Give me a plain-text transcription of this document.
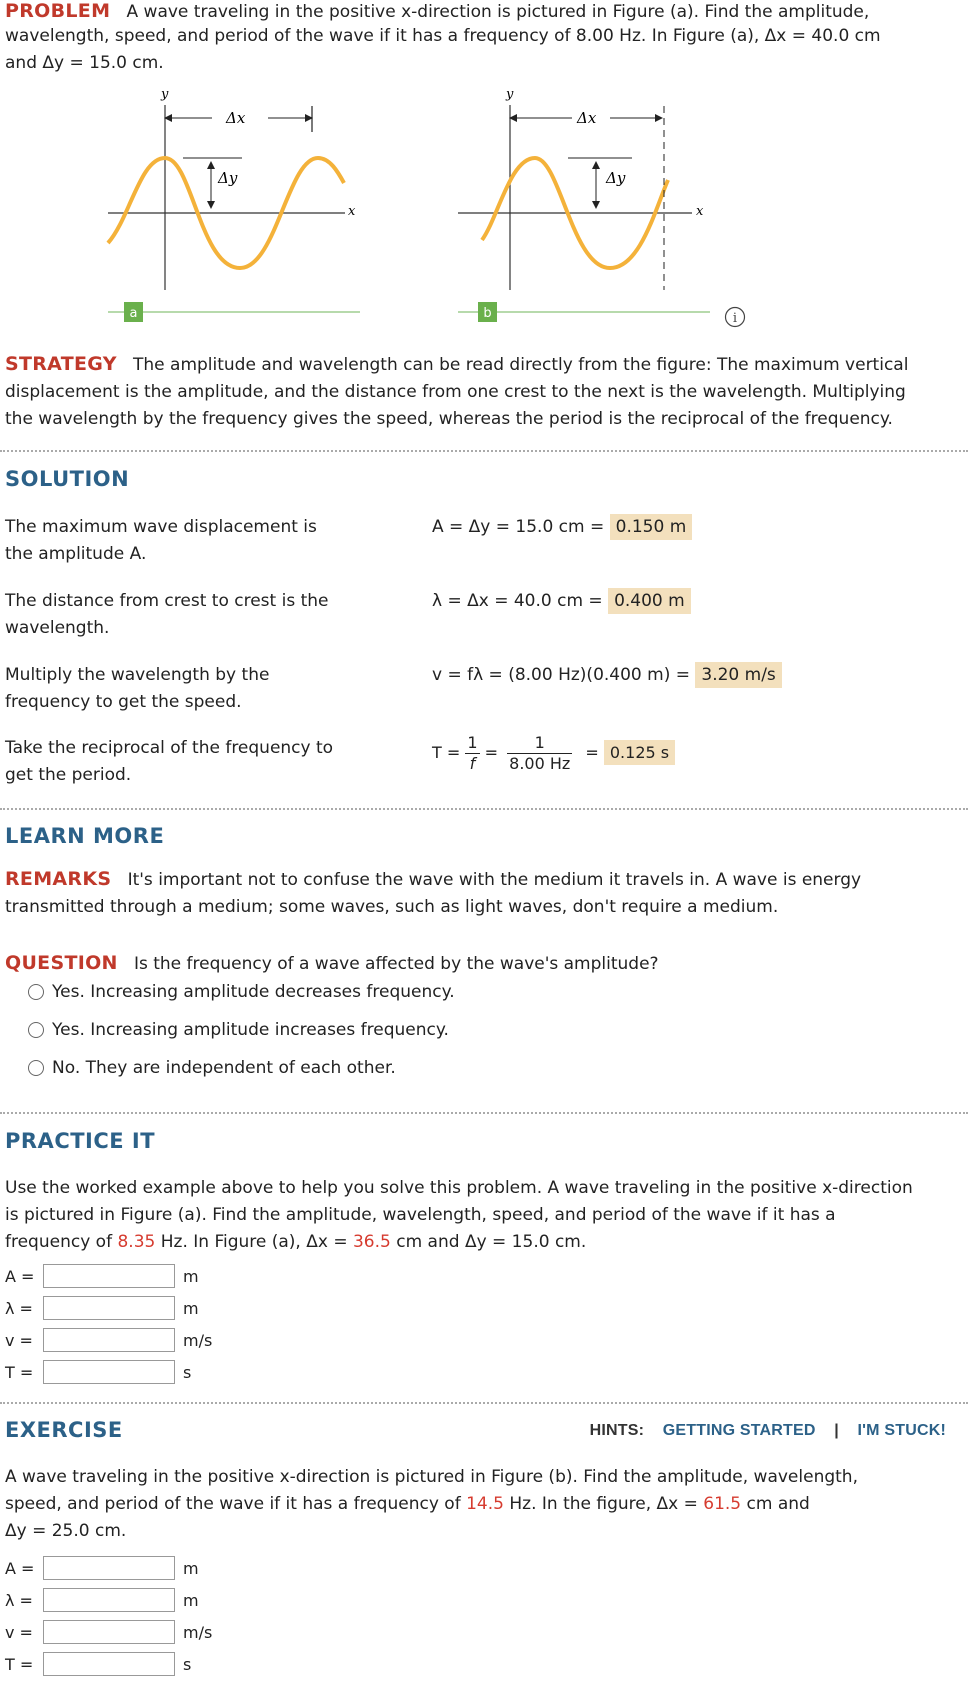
PROBLEM A wave traveling in the positive x-direction is pictured in Figure (a). Find the amplitude,

wavelength, speed, and period of the wave if it has a frequency of 8.00 Hz. In Figure (a), Δx = 40.0 cm

and Δy = 15.0 cm.

y
x
Δx
Δy
y
x
Δx
Δy
a	b	i

STRATEGY The amplitude and wavelength can be read directly from the figure: The maximum vertical

displacement is the amplitude, and the distance from one crest to the next is the wavelength. Multiplying

the wavelength by the frequency gives the speed, whereas the period is the reciprocal of the frequency.

SOLUTION
The maximum wave displacement is
the amplitude A.
A = Δy = 15.0 cm = 0.150 m
The distance from crest to crest is the
wavelength.
λ = Δx = 40.0 cm = 0.400 m
Multiply the wavelength by the
frequency to get the speed.
v = fλ = (8.00 Hz)(0.400 m) = 3.20 m/s
Take the reciprocal of the frequency to
get the period.
$T = \frac{1}{f} = \frac{1}{8.00 Hz} = 0.125$ s
LEARN MORE

REMARKS It's important not to confuse the wave with the medium it travels in. A wave is energy

transmitted through a medium; some waves, such as light waves, don't require a medium.

QUESTION Is the frequency of a wave affected by the wave's amplitude?

Yes. Increasing amplitude decreases frequency.
Yes. Increasing amplitude increases frequency.
No. They are independent of each other.
PRACTICE IT

Use the worked example above to help you solve this problem. A wave traveling in the positive x-direction

is pictured in Figure (a). Find the amplitude, wavelength, speed, and period of the wave if it has a

frequency of 8.35 Hz. In Figure (a), Δx = 36.5 cm and Δy = 15.0 cm.

A =	m
λ =	m
v =	m/s
T =	s
EXERCISE	HINTS: GETTING STARTED | I'M STUCK!

A wave traveling in the positive x-direction is pictured in Figure (b). Find the amplitude, wavelength,

speed, and period of the wave if it has a frequency of 14.5 Hz. In the figure, Δx = 61.5 cm and

Δy = 25.0 cm.

A =	m
λ =	m
v =	m/s
T =	s
